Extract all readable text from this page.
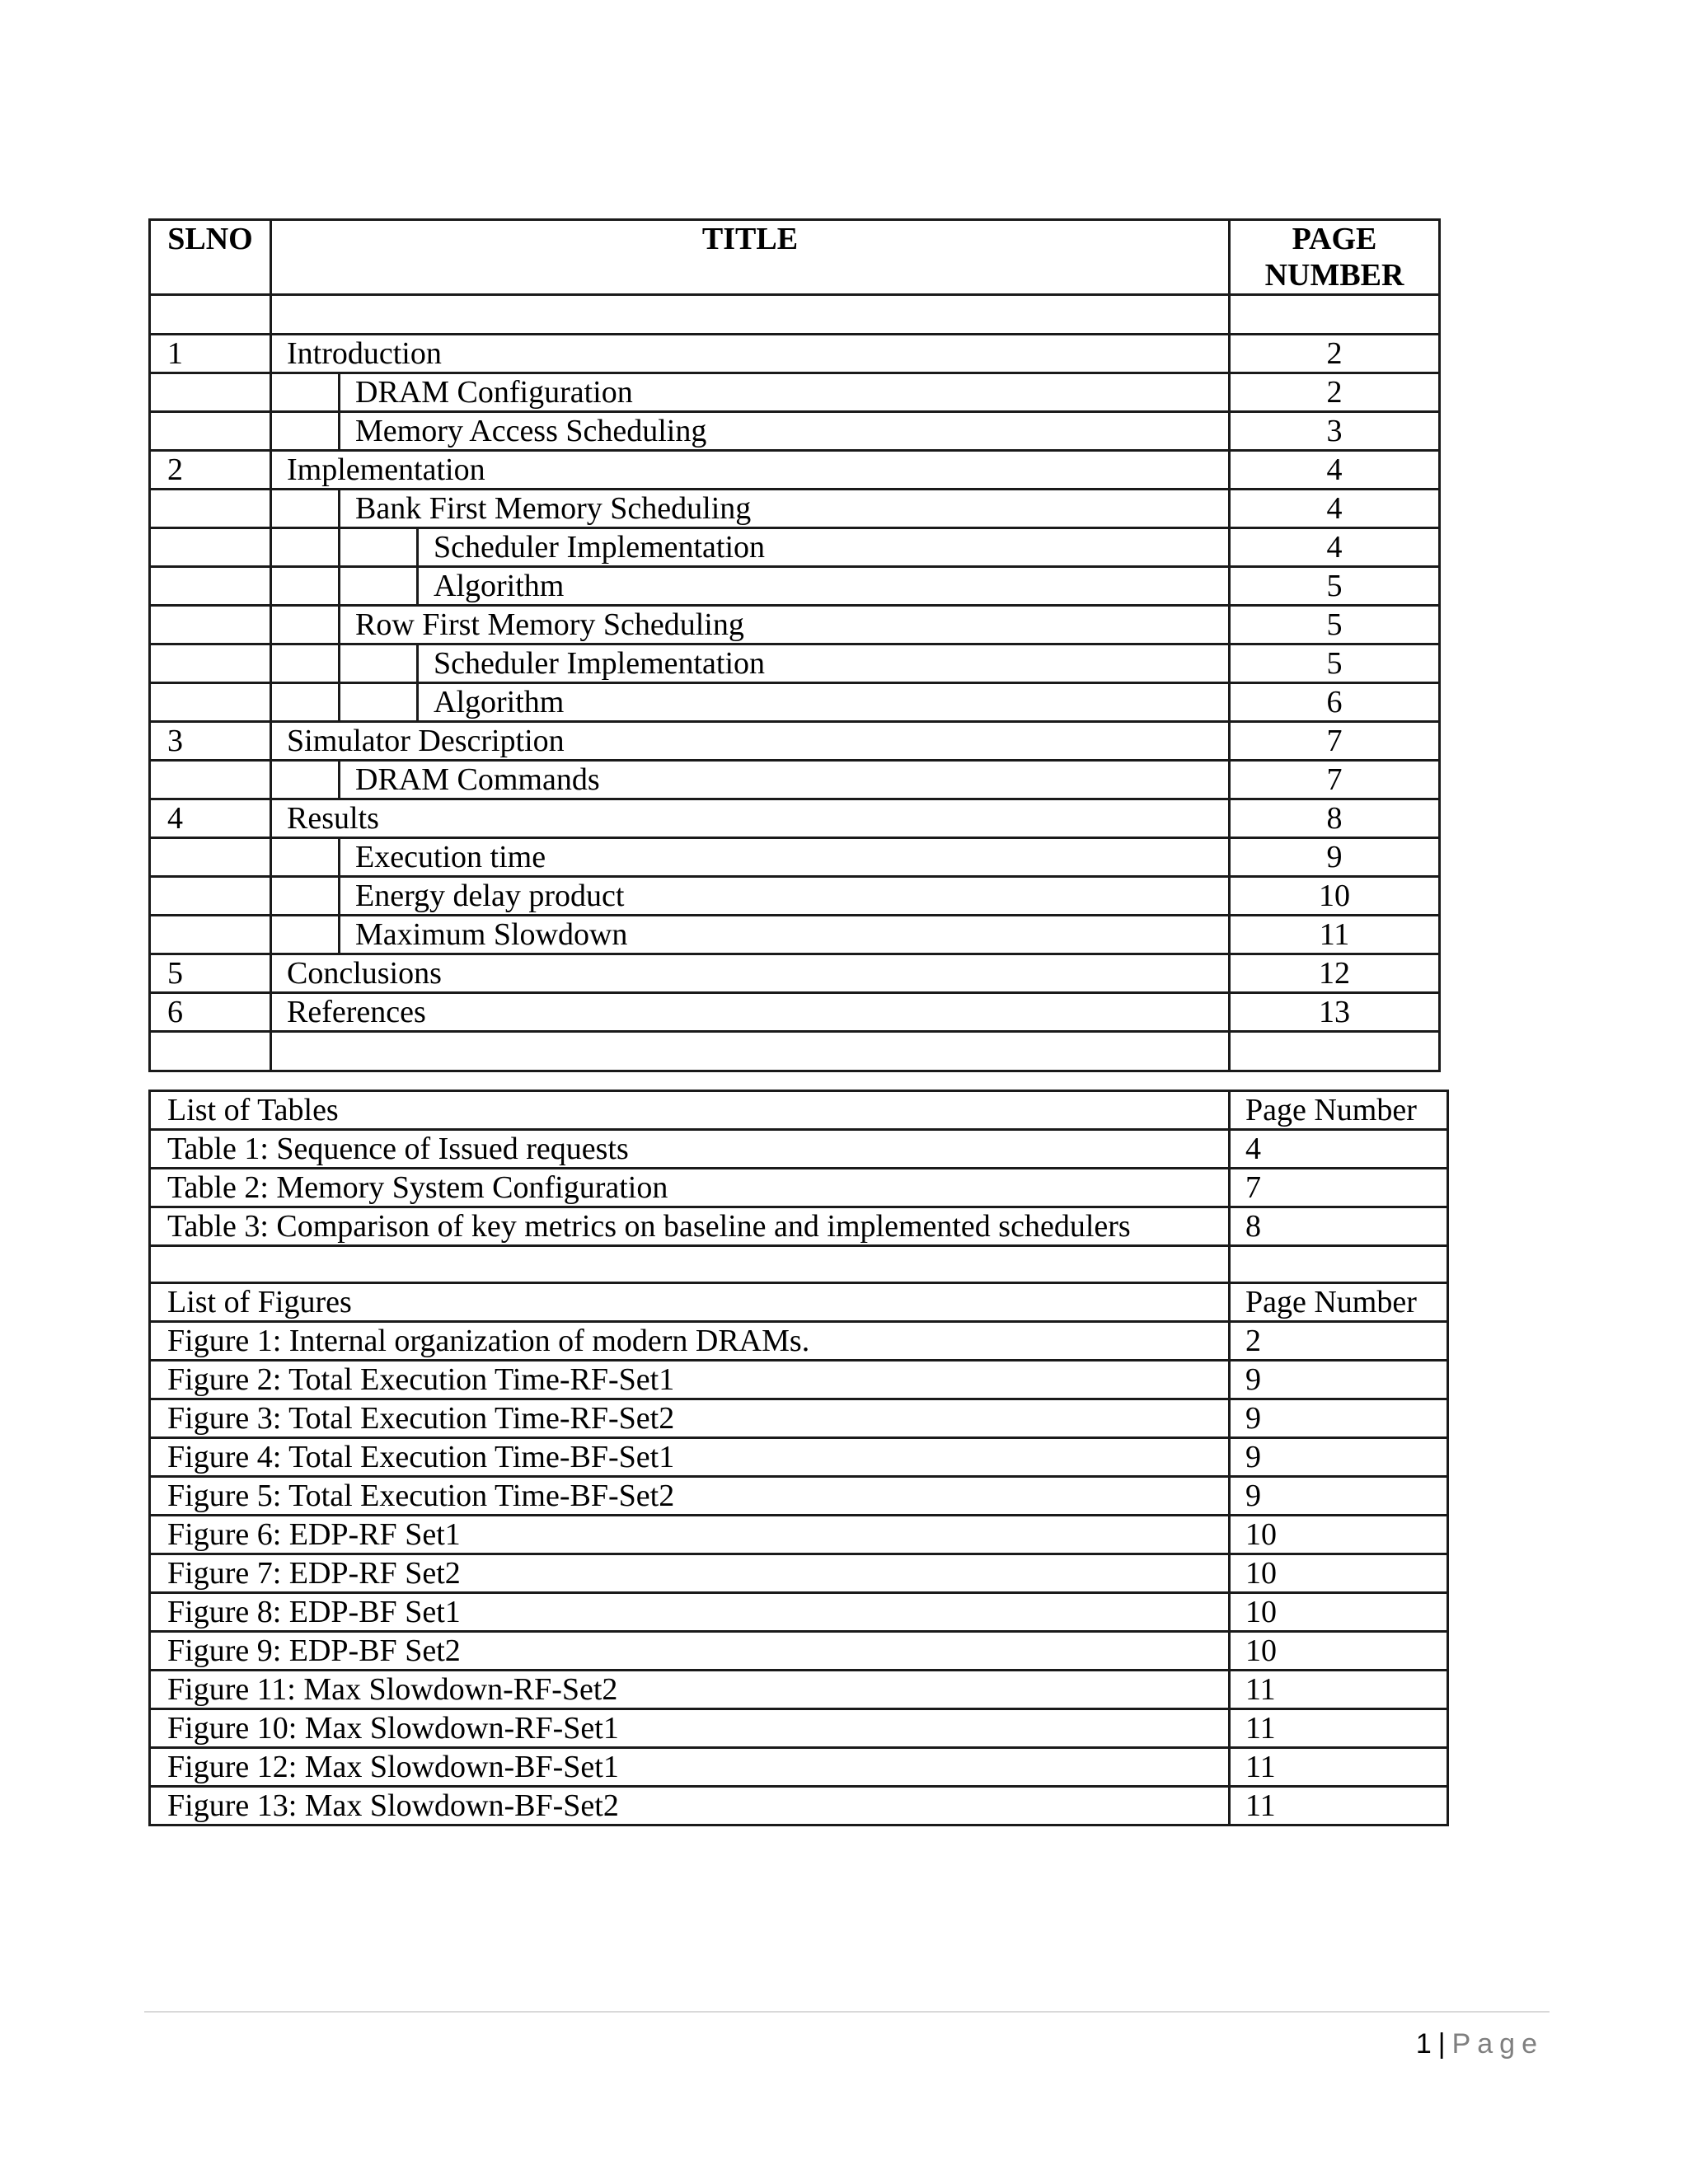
SLNO	TITLE			PAGE
NUMBER

1	Introduction			2
		DRAM Configuration		2
		Memory Access Scheduling		3
2	Implementation			4
		Bank First Memory Scheduling		4
			Scheduler Implementation	4
			Algorithm	5
		Row First Memory Scheduling		5
			Scheduler Implementation	5
			Algorithm	6
3	Simulator Description			7
		DRAM Commands		7
4	Results			8
		Execution time		9
		Energy delay product		10
		Maximum Slowdown		11
5	Conclusions			12
6	References			13

List of Tables	Page Number
Table 1: Sequence of Issued requests	4
Table 2: Memory System Configuration	7
Table 3: Comparison of key metrics on baseline and implemented schedulers	8

List of Figures	Page Number
Figure 1: Internal organization of modern DRAMs.	2
Figure 2: Total Execution Time-RF-Set1	9
Figure 3: Total Execution Time-RF-Set2	9
Figure 4: Total Execution Time-BF-Set1	9
Figure 5: Total Execution Time-BF-Set2	9
Figure 6: EDP-RF Set1	10
Figure 7: EDP-RF Set2	10
Figure 8: EDP-BF Set1	10
Figure 9: EDP-BF Set2	10
Figure 11: Max Slowdown-RF-Set2	11
Figure 10: Max Slowdown-RF-Set1	11
Figure 12: Max Slowdown-BF-Set1	11
Figure 13: Max Slowdown-BF-Set2	11
1 | Page
